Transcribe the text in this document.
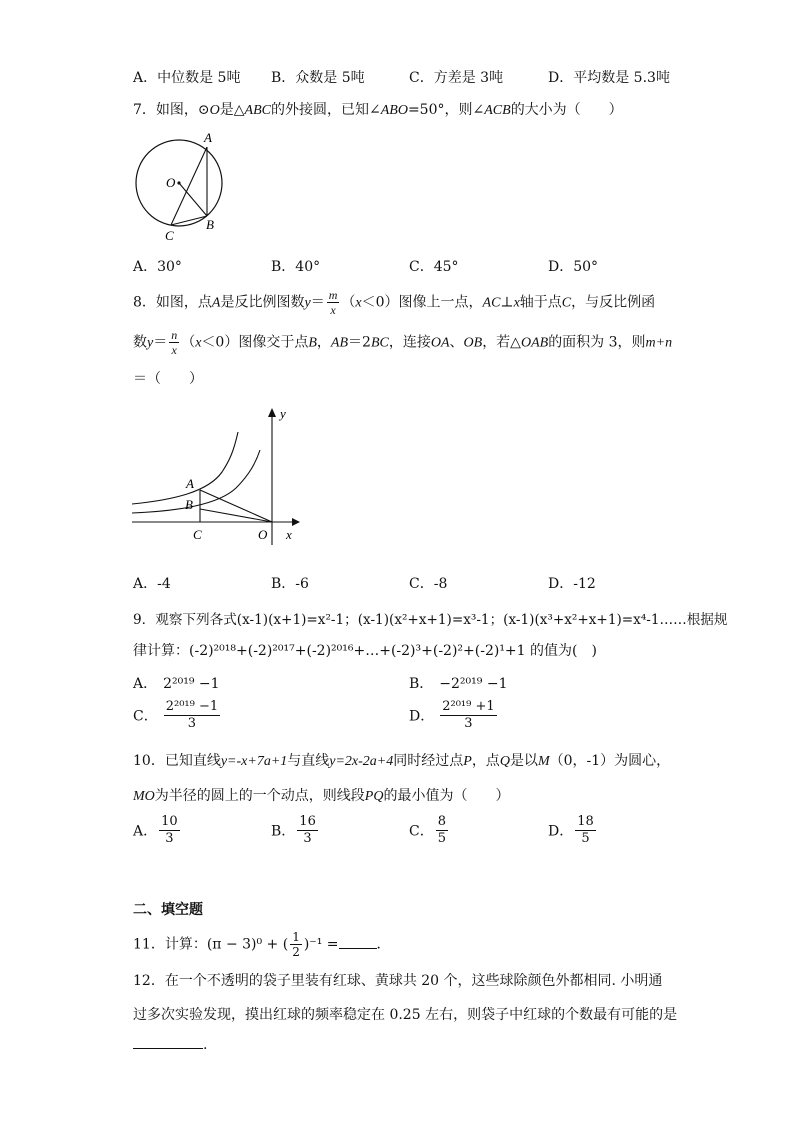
A．中位数是 5吨 B．众数是 5吨	C．方差是 3吨	D．平均数是 5.3吨
7．如图，⊙O是△ABC的外接圆，已知∠ABO=50°，则∠ACB的大小为（　　）
A
O
B
C
A．30°	B．40°	C．45°	D．50°
8．如图，点A是反比例图数$y= \frac{m}{x} (x<0)$图像上一点，AC⊥x轴于点C，与反比例函
数$y= \frac{n}{x} (x<0)$图像交于点B，AB＝2BC，连接OA、OB，若△OAB的面积为 3，则m+n
＝（　　）
y
A
B
C	O x
A．-4	B．-6	C．-8	D．-12
9．观察下列各式(x-1)(x+1)=x²-1；(x-1)(x²+x+1)=x³-1；(x-1)(x³+x²+x+1)=x⁴-1……根据规
律计算：(-2)²⁰¹⁸+(-2)²⁰¹⁷+(-2)²⁰¹⁶+…+(-2)³+(-2)²+(-2)¹+1 的值为(　)
A． 2²⁰¹⁹ −1	B． −2²⁰¹⁹ −1
C． $\frac{\text{2²⁰¹⁹ −1}}{3}$	D． $\frac{\text{2²⁰¹⁹ +1}}{3}$
10．已知直线y=-x+7a+1与直线y=2x-2a+4同时经过点P，点Q是以M（0，-1）为圆心，
MO为半径的圆上的一个动点，则线段PQ的最小值为（　　）
A． $\frac{10}{3}$	B． $\frac{16}{3}$	C． $\frac{8}{5}$	D． $\frac{18}{5}$
二、填空题
11．计算：(π − 3)⁰ + ( $\frac{1}{2} )^{-1}$ =	．
12．在一个不透明的袋子里装有红球、黄球共 20 个，这些球除颜色外都相同. 小明通
过多次实验发现，摸出红球的频率稳定在 0.25 左右，则袋子中红球的个数最有可能的是
.
